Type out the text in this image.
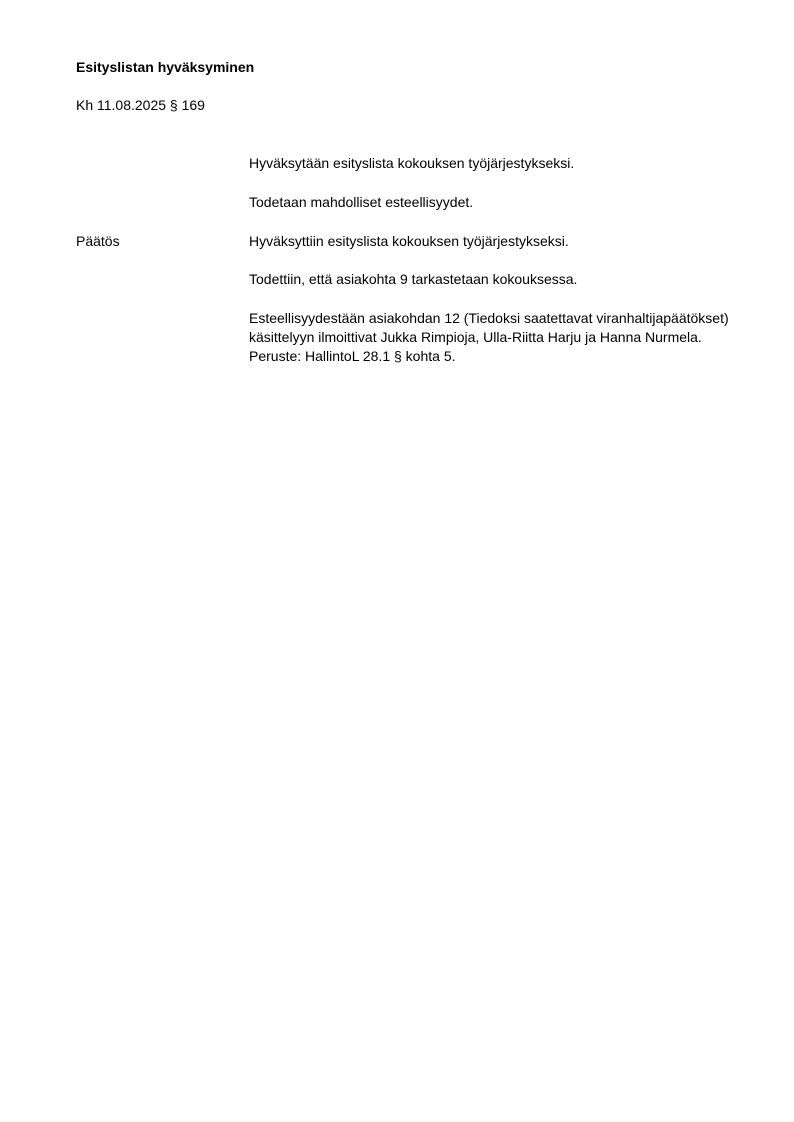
Esityslistan hyväksyminen
Kh 11.08.2025 § 169

Hyväksytään esityslista kokouksen työjärjestykseksi.

Todetaan mahdolliset esteellisyydet.

Päätös	Hyväksyttiin esityslista kokouksen työjärjestykseksi.

Todettiin, että asiakohta 9 tarkastetaan kokouksessa.

Esteellisyydestään asiakohdan 12 (Tiedoksi saatettavat viranhaltijapäätökset)
käsittelyyn ilmoittivat Jukka Rimpioja, Ulla-Riitta Harju ja Hanna Nurmela.
Peruste: HallintoL 28.1 § kohta 5.
